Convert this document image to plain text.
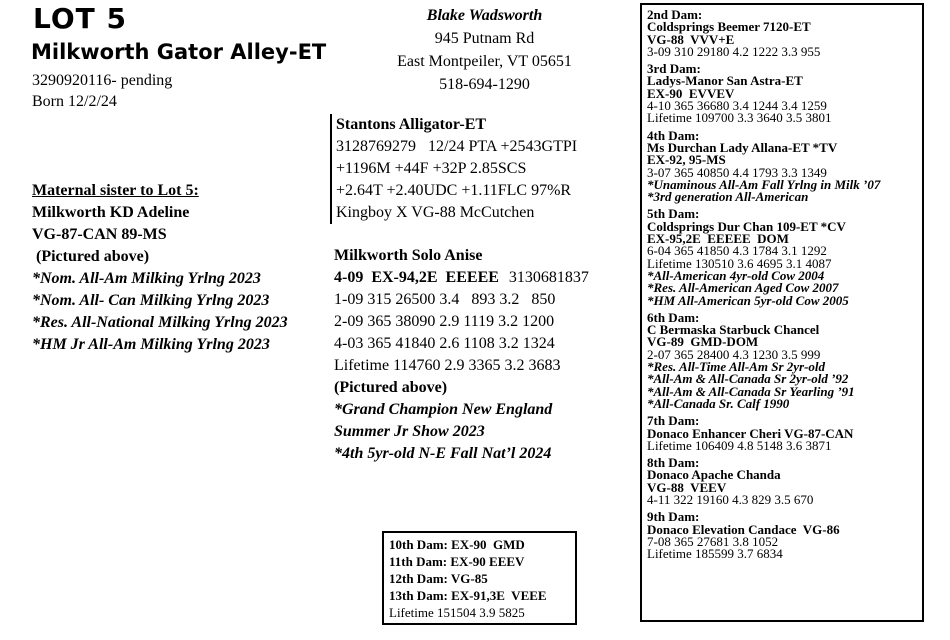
LOT 5
Milkworth Gator Alley-ET
3290920116- pending
Born 12/2/24
Maternal sister to Lot 5:
Milkworth KD Adeline
VG-87-CAN 89-MS
(Pictured above)
*Nom. All-Am Milking Yrlng 2023
*Nom. All- Can Milking Yrlng 2023
*Res. All-National Milking Yrlng 2023
*HM Jr All-Am Milking Yrlng 2023
Blake Wadsworth
945 Putnam Rd
East Montpeiler, VT 05651
518-694-1290
Stantons Alligator-ET
3128769279   12/24 PTA +2543GTPI
+1196M +44F +32P 2.85SCS
+2.64T +2.40UDC +1.11FLC 97%R
Kingboy X VG-88 McCutchen
Milkworth Solo Anise
4-09  EX-94,2E  EEEEE 3130681837
1-09 315 26500 3.4   893 3.2   850
2-09 365 38090 2.9 1119 3.2 1200
4-03 365 41840 2.6 1108 3.2 1324
Lifetime 114760 2.9 3365 3.2 3683
(Pictured above)
*Grand Champion New England
Summer Jr Show 2023
*4th 5yr-old N-E Fall Nat’l 2024
2nd Dam:
Coldsprings Beemer 7120-ET
VG-88  VVV+E
3-09 310 29180 4.2 1222 3.3 955
3rd Dam:
Ladys-Manor San Astra-ET
EX-90  EVVEV
4-10 365 36680 3.4 1244 3.4 1259
Lifetime 109700 3.3 3640 3.5 3801
4th Dam:
Ms Durchan Lady Allana-ET *TV
EX-92, 95-MS
3-07 365 40850 4.4 1793 3.3 1349
*Unaminous All-Am Fall Yrlng in Milk ’07
*3rd generation All-American
5th Dam:
Coldsprings Dur Chan 109-ET *CV
EX-95,2E  EEEEE  DOM
6-04 365 41850 4.3 1784 3.1 1292
Lifetime 130510 3.6 4695 3.1 4087
*All-American 4yr-old Cow 2004
*Res. All-American Aged Cow 2007
*HM All-American 5yr-old Cow 2005
6th Dam:
C Bermaska Starbuck Chancel
VG-89  GMD-DOM
2-07 365 28400 4.3 1230 3.5 999
*Res. All-Time All-Am Sr 2yr-old
*All-Am & All-Canada Sr 2yr-old ’92
*All-Am & All-Canada Sr Yearling ’91
*All-Canada Sr. Calf 1990
7th Dam:
Donaco Enhancer Cheri VG-87-CAN
Lifetime 106409 4.8 5148 3.6 3871
8th Dam:
Donaco Apache Chanda
VG-88  VEEV
4-11 322 19160 4.3 829 3.5 670
9th Dam:
Donaco Elevation Candace  VG-86
7-08 365 27681 3.8 1052
Lifetime 185599 3.7 6834
10th Dam: EX-90  GMD
11th Dam: EX-90 EEEV
12th Dam: VG-85
13th Dam: EX-91,3E  VEEE
Lifetime 151504 3.9 5825
